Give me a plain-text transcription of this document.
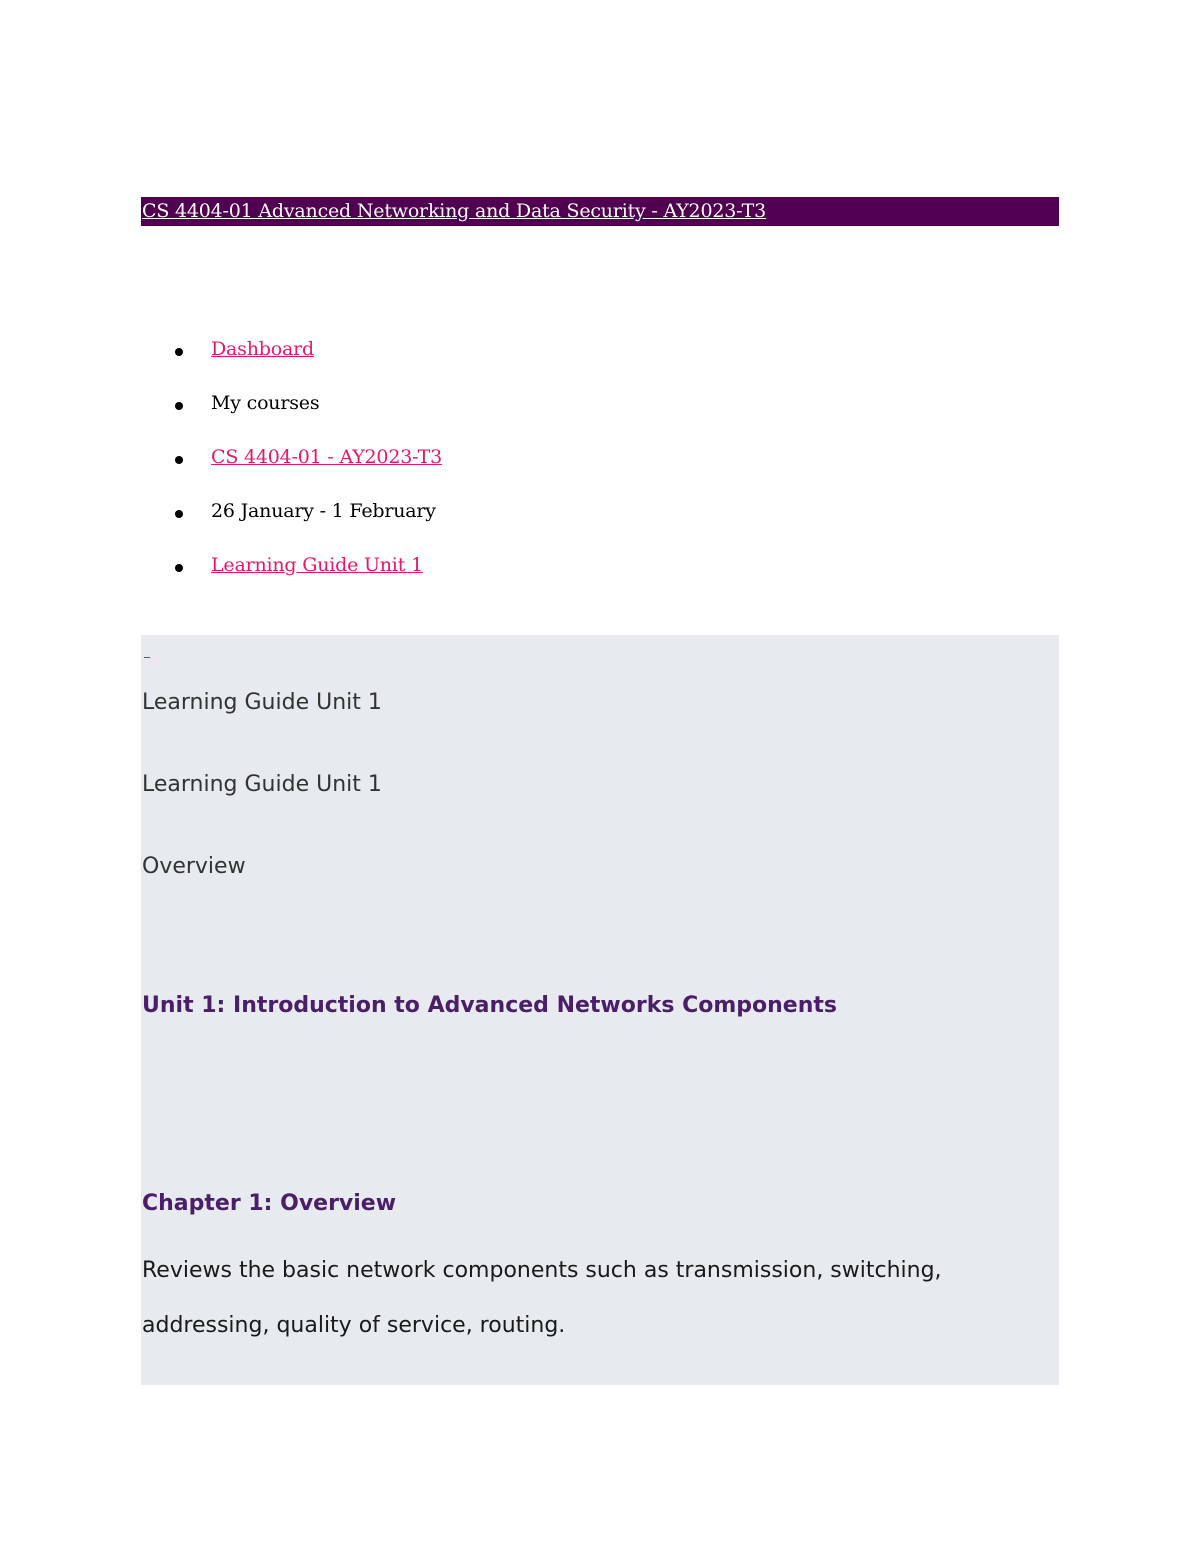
CS 4404-01 Advanced Networking and Data Security - AY2023-T3
Dashboard
My courses
CS 4404-01 - AY2023-T3
26 January - 1 February
Learning Guide Unit 1
Learning Guide Unit 1
Learning Guide Unit 1
Overview
Unit 1: Introduction to Advanced Networks Components
Chapter 1: Overview
Reviews the basic network components such as transmission, switching, addressing, quality of service, routing.
